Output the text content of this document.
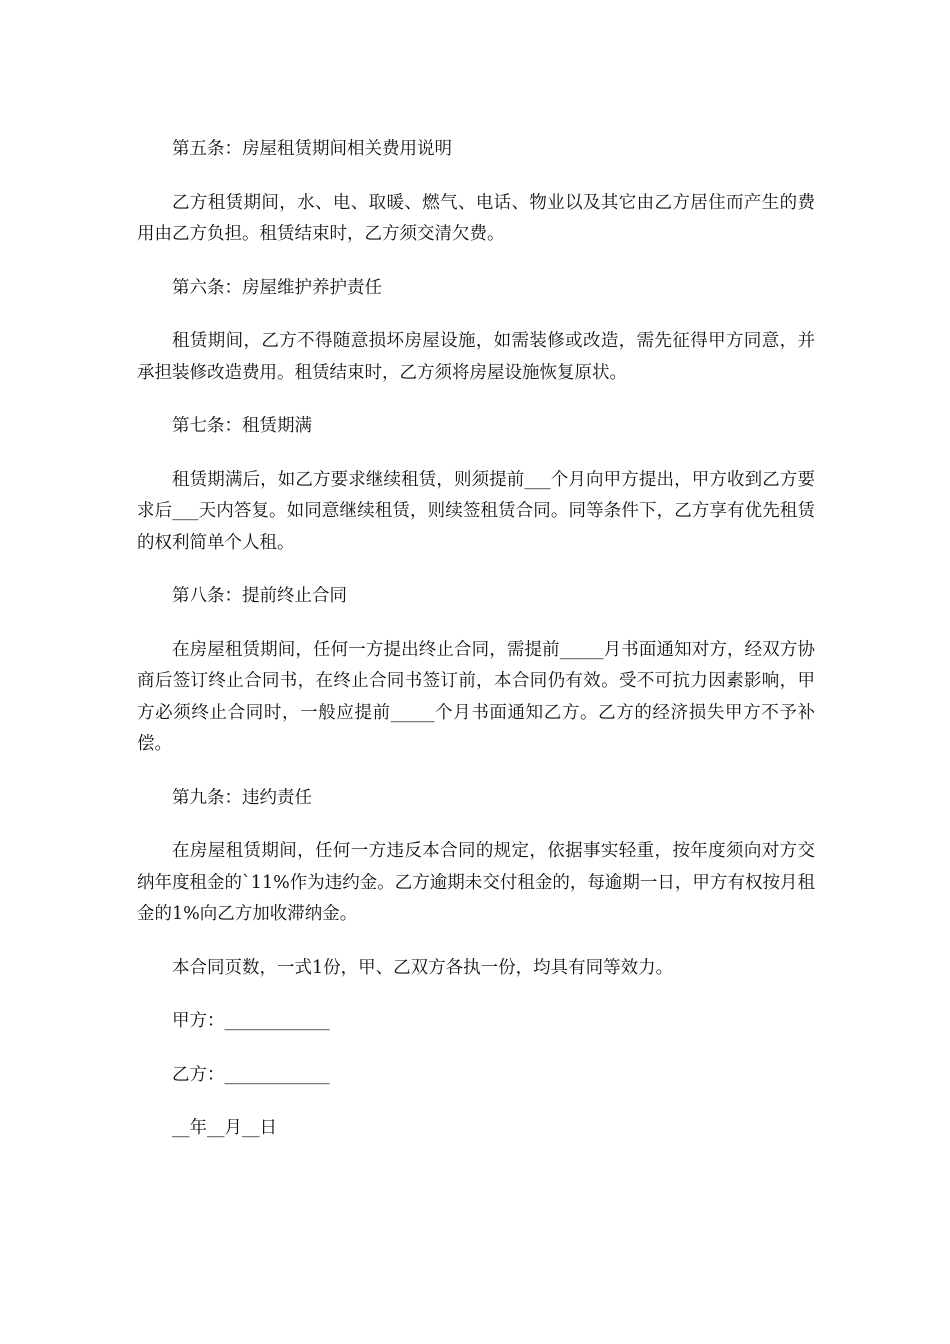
第五条：房屋租赁期间相关费用说明

乙方租赁期间，水、电、取暖、燃气、电话、物业以及其它由乙方居住而产生的费用由乙方负担。租赁结束时，乙方须交清欠费。

第六条：房屋维护养护责任

租赁期间，乙方不得随意损坏房屋设施，如需装修或改造，需先征得甲方同意，并承担装修改造费用。租赁结束时，乙方须将房屋设施恢复原状。

第七条：租赁期满

租赁期满后，如乙方要求继续租赁，则须提前___个月向甲方提出，甲方收到乙方要求后___天内答复。如同意继续租赁，则续签租赁合同。同等条件下，乙方享有优先租赁的权利简单个人租。

第八条：提前终止合同

在房屋租赁期间，任何一方提出终止合同，需提前_____月书面通知对方，经双方协商后签订终止合同书，在终止合同书签订前，本合同仍有效。受不可抗力因素影响，甲方必须终止合同时，一般应提前_____个月书面通知乙方。乙方的经济损失甲方不予补偿。

第九条：违约责任

在房屋租赁期间，任何一方违反本合同的规定，依据事实轻重，按年度须向对方交纳年度租金的`11%作为违约金。乙方逾期未交付租金的，每逾期一日，甲方有权按月租金的1%向乙方加收滞纳金。

本合同页数，一式1份，甲、乙双方各执一份，均具有同等效力。

甲方：____________

乙方：____________

__年__月__日
